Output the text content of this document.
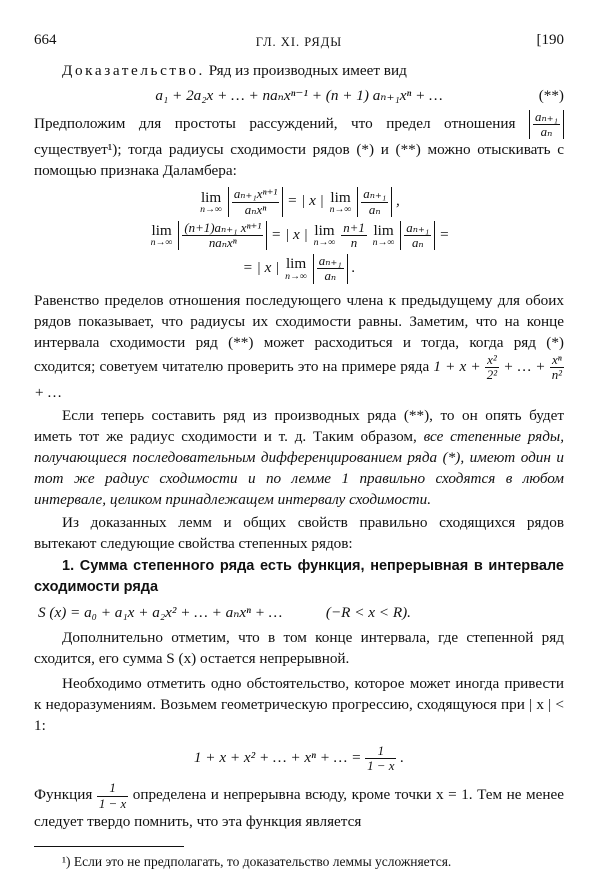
664	ГЛ. XI. РЯДЫ	[190

Доказательство. Ряд из производных имеет вид

a₁ + 2a₂x + … + naₙxⁿ⁻¹ + (n + 1) aₙ₊₁xⁿ + …	(**)

Предположим для простоты рассуждений, что предел отношения $\frac{\text{aₙ₊₁}}{\text{aₙ}}$
существует¹); тогда радиусы сходимости рядов (*) и (**) можно отыскивать с помощью признака Даламбера:

lim
n→∞
$\frac{\text{aₙ₊₁xⁿ⁺¹}}{\text{aₙxⁿ}}$ = | x | lim
n→∞
$\frac{\text{aₙ₊₁}}{\text{aₙ}}$ ,
lim
n→∞
$\frac{\text{(n+1)aₙ₊₁ xⁿ⁺¹}}{\text{naₙxⁿ}}$ = | x | lim
n→∞
$\frac{n+1}{n}$ lim
n→∞
$\frac{\text{aₙ₊₁}}{\text{aₙ}}$ =
= | x | lim
n→∞
$\frac{\text{aₙ₊₁}}{\text{aₙ}}$ .

Равенство пределов отношения последующего члена к предыдущему для обоих рядов показывает, что радиусы их сходимости равны. Заметим, что на конце интервала сходимости ряд (**) может расходиться и тогда, когда ряд (*) сходится; советуем читателю проверить это на примере ряда $1 + x + \frac{\text{x²}}{\text{2²}}$ + … + $\frac{\text{xⁿ}}{\text{n²}}$
+ …

Если теперь составить ряд из производных ряда (**), то он опять будет иметь тот же радиус сходимости и т. д. Таким образом, все степенные ряды, получающиеся последовательным дифференцированием ряда (*), имеют один и тот же радиус сходимости и по лемме 1 правильно сходятся в любом интервале, целиком принадлежащем интервалу сходимости.

Из доказанных лемм и общих свойств правильно сходящихся рядов вытекают следующие свойства степенных рядов:

1. Сумма степенного ряда есть функция, непрерывная в интервале сходимости ряда

S (x) = a₀ + a₁x + a₂x² + … + aₙxⁿ + …	(−R < x < R).

Дополнительно отметим, что в том конце интервала, где степенной ряд сходится, его сумма S (x) остается непрерывной.

Необходимо отметить одно обстоятельство, которое может иногда привести к недоразумениям. Возьмем геометрическую прогрессию, сходящуюся при | x | < 1:

1 + x + x² + … + xⁿ + … = $\frac{1}{1 - x}$ .

Функция $\frac{1}{1 - x}$ определена и непрерывна всюду, кроме точки x = 1. Тем не менее следует твердо помнить, что эта функция является

¹) Если это не предполагать, то доказательство леммы усложняется.
